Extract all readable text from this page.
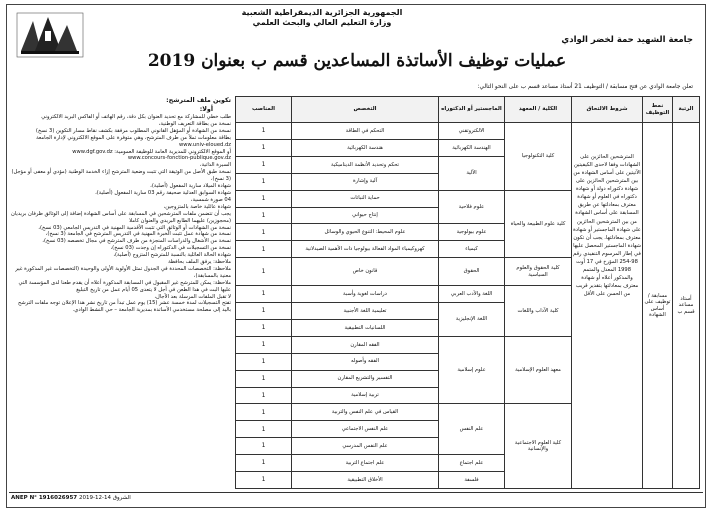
الجمهورية الجزائرية الديمقراطية الشعبية
وزارة التعليم العالي والبحث العلمي
جامعة الشهيد حمة لخضر الوادي
عمليات توظيف الأساتذة المساعدين قسم ب بعنوان 2019
تعلن جامعة الوادي عن فتح مسابقة / التوظيف 21 أستاذ مساعد قسم ب على النحو التالي:
الرتبة	نمط التوظيف	شروط الالتحاق	الكلية / المعهد	الماجستير أو الدكتوراه	التخصص	المناصب
أستاذ مساعد قسم ب	مسابقة / توظيف على أساس الشهادة	المترشحين الحائزين على الشهادات وفقا لاحدى الكيفيتين الآتيتين على أساس الشهادة من بين المترشحين الحائزين على شهادة دكتوراه دولة أو شهادة دكتوراه في العلوم أو شهادة معترف بمعادلتها عن طريق المسابقة على أساس الشهادة من بين المترشحين الحائزين على شهادة الماجستير أو شهادة معترف بمعادلتها. يجب أن تكون شهادة الماجستير المحصل عليها في إطار المرسوم التنفيذي رقم 98-254 المؤرخ في 17 أوت 1998 المعدل والمتمم والمذكور أعلاه أو شهادة معترف بمعادلتها بتقدير قريب من الحسن على الأقل	كلية التكنولوجيا	الالكتروتقني	التحكم في الطاقة	1
				الهندسة الكهربائية	هندسة الكهربائية	1
				الآلية	تحكم وتحديد الأنظمة الديناميكية	1
					آلية وإشارة	1
			كلية علوم الطبيعة والحياة	علوم فلاحية	حماية النباتات	1
					إنتاج حيواني	1
				علوم بيولوجية	علوم المحيط: التنوع الحيوي والوسائل	1
				كيمياء	كهروكيمياء المواد الفعالة بيولوجيا ذات الأهمية الصيدلانية	1
			كلية الحقوق والعلوم السياسية	الحقوق	قانون خاص	1
			كلية الآداب واللغات	اللغة والأدب العربي	دراسات لغوية وأسبة	1
				اللغة الإنجليزية	تعليمية اللغة الأجنبية	1
					اللسانيات التطبيقية	1
			معهد العلوم الإسلامية	علوم إسلامية	الفقه المقارن	1
					الفقه وأصوله	1
					التفسير والتشريع المقارن	1
					تربية إسلامية	1
			كلية العلوم الاجتماعية والإنسانية	علم النفس	القياس في علم النفس والتربية	1
					علم النفس الاجتماعي	1
					علم النفس المدرسي	1
				علم اجتماع	علم اجتماع التربية	1
				فلسفة	الأخلاق التطبيقية	1
تكوين ملف المترشح:
أولا:
طلب خطي للمشاركة مع تحديد العنوان بكل دقة، رقم الهاتف أو الفاكس البريد الالكتروني
نسخة من بطاقة التعريف الوطنية،
نسخة من الشهادة أو المؤهل القانوني المطلوب مرفقة بكشف نقاط مسار التكوين (3 نسخ)
بطاقة معلومات تملأ من طرف المترشح، وهي متوفرة على الموقع الالكتروني لإدارة الجامعة
www.univ-eloued.dz
أو الموقع الالكتروني للمديرية العامة للوظيفة العمومية: www.dgf.gov.dz
www.concours-fonction-publique.gov.dz
السيرة الذاتية،
نسخة طبق الأصل من الوثيقة التي تثبت وضعية المترشح إزاء الخدمة الوطنية (مؤدي أو معفى أو مؤجل) (3 نسخ)،
شهادة الميلاد سارية المفعول (أصلية)،
شهادة السوابق العدلية صحيفة رقم 03 سارية المفعول (أصلية)،
04 صورة شمسية،
شهادة عائلية خاصة بالمتزوجين،
يجب أن تتضمن ملفات المترشحين في المسابقة على أساس الشهادة إضافة إلى الوثائق ظرفان بريديان (محجوزين) عليهما الطابع البريدي والعنوان كاملا
نسخة من الشهادات أو الوثائق التي تثبت الأقدمية المهنية في التدريس الجامعي (03 نسخ)،
نسخة من شهادة عمل تثبت الخبرة المهنية في التدريس المترشح في الجامعة (3 نسخ)،
نسخة من الأشغال والدراسات المنجزة من طرف المترشح في مجال تخصصه (03 نسخ)،
نسخة من التسجيلات في الدكتوراه إن وجدت (03 نسخ)،
شهادة الحالة العائلية بالنسبة للمترشح المتزوج (أصلية)،
ملاحظة: يرفق الملف بحافظة
ملاحظة: التخصصات المحددة في الجدول تمثل الأولوية الأولى والوحيدة (التخصصات غير المذكورة غير معنية بالمسابقة)،
ملاحظة: يمكن للمترشح غير المقبول في المسابقة المذكورة أعلاه أن يقدم طعنا لدى المؤسسة التي عليها البت في هذا الطعن في أجل لا يتعدى 05 أيام عمل من تاريخ التبليغ
لا تقبل الملفات المرسلة بعد الآجال،
تفتح التسجيلات لمدة خمسة عشر (15) يوم عمل تبدأ من تاريخ نشر هذا الإعلان توجه ملفات الترشح باليد إلى مصلحة مستخدمي الأساتذة بمديرية الجامعة – حي النشط الوادي.
ANEP N° 1916026957 الشروق 14-12-2019
